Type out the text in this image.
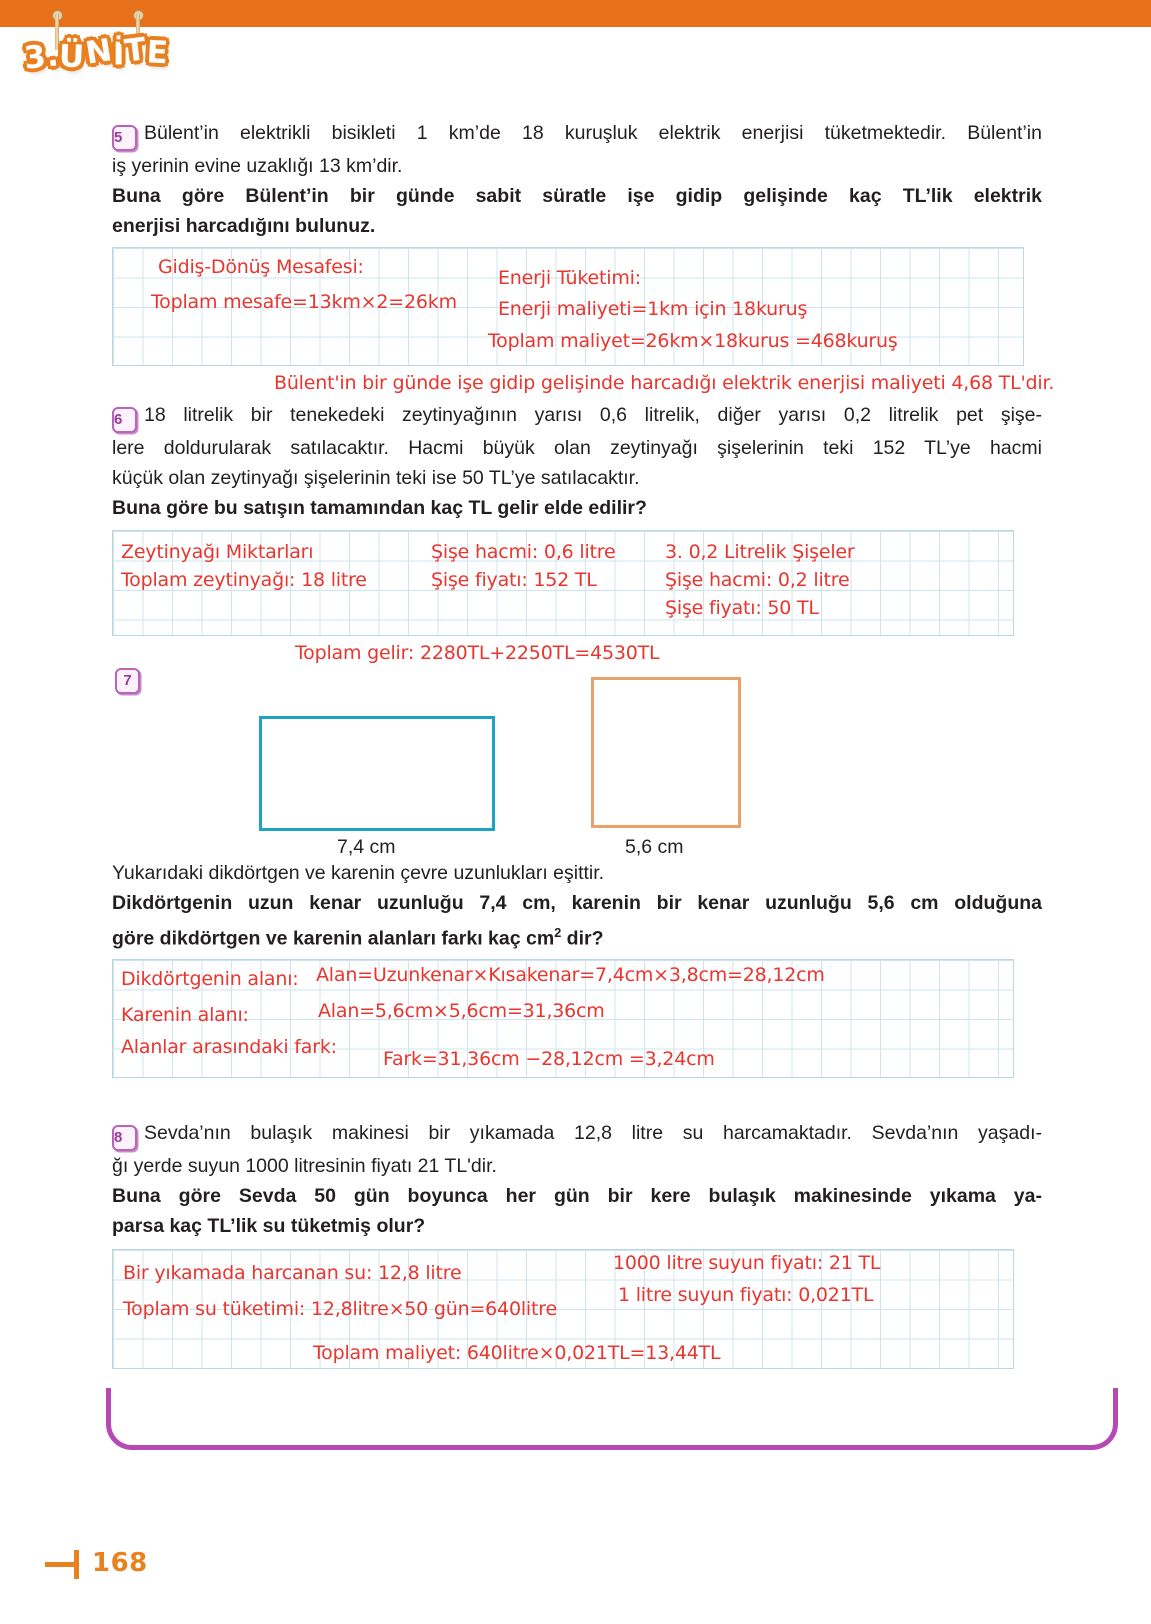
3.ÜNİTE
5 Bülent’in elektrikli bisikleti 1 km’de 18 kuruşluk elektrik enerjisi tüketmektedir. Bülent’in
iş yerinin evine uzaklığı 13 km’dir.
Buna göre Bülent’in bir günde sabit süratle işe gidip gelişinde kaç TL’lik elektrik
enerjisi harcadığını bulunuz.
Gidiş-Dönüş Mesafesi:
Toplam mesafe=13km×2=26km
Enerji Tüketimi:
Enerji maliyeti=1km için 18kuruş
Toplam maliyet=26km×18kurus =468kuruş
Bülent'in bir günde işe gidip gelişinde harcadığı elektrik enerjisi maliyeti 4,68 TL'dir.
6 18 litrelik bir tenekedeki zeytinyağının yarısı 0,6 litrelik, diğer yarısı 0,2 litrelik pet şişe-
lere doldurularak satılacaktır. Hacmi büyük olan zeytinyağı şişelerinin teki 152 TL’ye hacmi
küçük olan zeytinyağı şişelerinin teki ise 50 TL’ye satılacaktır.
Buna göre bu satışın tamamından kaç TL gelir elde edilir?
Zeytinyağı Miktarları
Toplam zeytinyağı: 18 litre
Şişe hacmi: 0,6 litre
Şişe fiyatı: 152 TL
3. 0,2 Litrelik Şişeler
Şişe hacmi: 0,2 litre
Şişe fiyatı: 50 TL
Toplam gelir: 2280TL+2250TL=4530TL
7
7,4 cm	5,6 cm
Yukarıdaki dikdörtgen ve karenin çevre uzunlukları eşittir.
Dikdörtgenin uzun kenar uzunluğu 7,4 cm, karenin bir kenar uzunluğu 5,6 cm olduğuna
göre dikdörtgen ve karenin alanları farkı kaç $cm^2$ dir?
Dikdörtgenin alanı: Alan=Uzunkenar×Kısakenar=7,4cm×3,8cm=28,12cm
Karenin alanı:	Alan=5,6cm×5,6cm=31,36cm
Alanlar arasındaki fark:
Fark=31,36cm −28,12cm =3,24cm
8 Sevda’nın bulaşık makinesi bir yıkamada 12,8 litre su harcamaktadır. Sevda’nın yaşadı-
ğı yerde suyun 1000 litresinin fiyatı 21 TL'dir.
Buna göre Sevda 50 gün boyunca her gün bir kere bulaşık makinesinde yıkama ya-
parsa kaç TL’lik su tüketmiş olur?
Bir yıkamada harcanan su: 12,8 litre
Toplam su tüketimi: 12,8litre×50 gün=640litre
1000 litre suyun fiyatı: 21 TL
1 litre suyun fiyatı: 0,021TL
Toplam maliyet: 640litre×0,021TL=13,44TL
168
